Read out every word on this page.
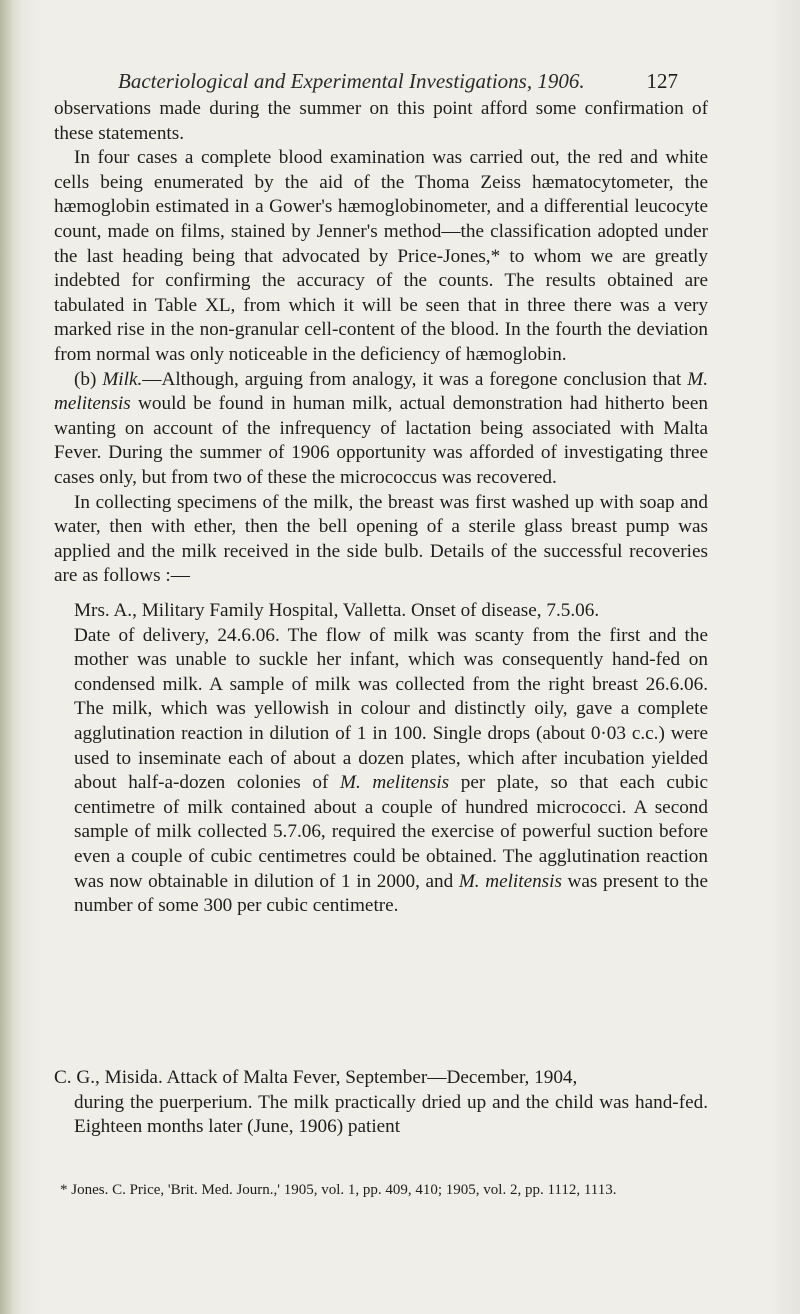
Bacteriological and Experimental Investigations, 1906.	127

observations made during the summer on this point afford some confirmation of these statements.

In four cases a complete blood examination was carried out, the red and white cells being enumerated by the aid of the Thoma Zeiss hæmatocytometer, the hæmoglobin estimated in a Gower's hæmoglobinometer, and a differential leucocyte count, made on films, stained by Jenner's method—the classification adopted under the last heading being that advocated by Price-Jones,* to whom we are greatly indebted for confirming the accuracy of the counts. The results obtained are tabulated in Table XL, from which it will be seen that in three there was a very marked rise in the non-granular cell-content of the blood. In the fourth the deviation from normal was only noticeable in the deficiency of hæmoglobin.

(b) Milk.—Although, arguing from analogy, it was a foregone conclusion that M. melitensis would be found in human milk, actual demonstration had hitherto been wanting on account of the infrequency of lactation being associated with Malta Fever. During the summer of 1906 opportunity was afforded of investigating three cases only, but from two of these the micrococcus was recovered.

In collecting specimens of the milk, the breast was first washed up with soap and water, then with ether, then the bell opening of a sterile glass breast pump was applied and the milk received in the side bulb. Details of the successful recoveries are as follows :—

Mrs. A., Military Family Hospital, Valletta. Onset of disease, 7.5.06.
Date of delivery, 24.6.06. The flow of milk was scanty from the first and the mother was unable to suckle her infant, which was consequently hand-fed on condensed milk. A sample of milk was collected from the right breast 26.6.06. The milk, which was yellowish in colour and distinctly oily, gave a complete agglutination reaction in dilution of 1 in 100. Single drops (about 0·03 c.c.) were used to inseminate each of about a dozen plates, which after incubation yielded about half-a-dozen colonies of M. melitensis per plate, so that each cubic centimetre of milk contained about a couple of hundred micrococci. A second sample of milk collected 5.7.06, required the exercise of powerful suction before even a couple of cubic centimetres could be obtained. The agglutination reaction was now obtainable in dilution of 1 in 2000, and M. melitensis was present to the number of some 300 per cubic centimetre.
C. G., Misida. Attack of Malta Fever, September—December, 1904,
during the puerperium. The milk practically dried up and the child was hand-fed. Eighteen months later (June, 1906) patient
* Jones. C. Price, 'Brit. Med. Journ.,' 1905, vol. 1, pp. 409, 410; 1905, vol. 2, pp. 1112, 1113.
